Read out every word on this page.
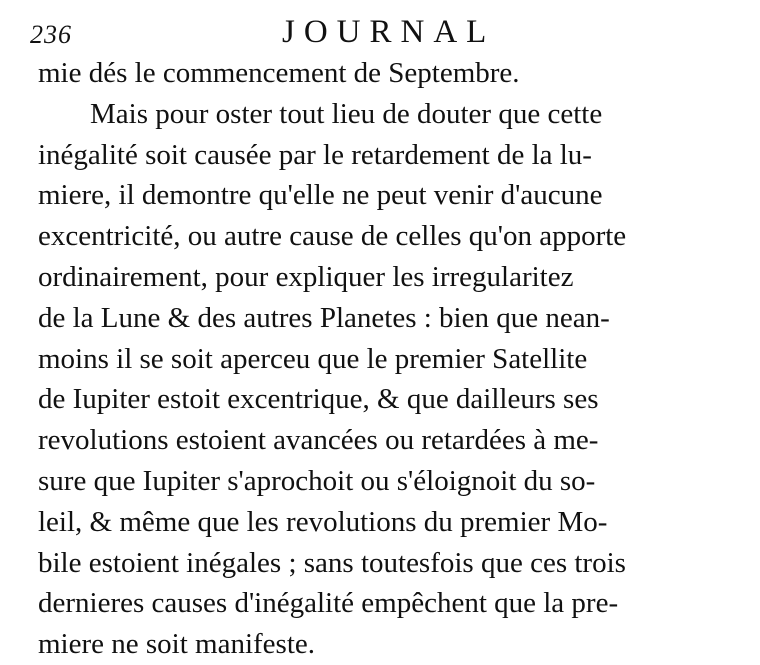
236	JOURNAL
mie dés le commencement de Septembre.
Mais pour oster tout lieu de douter que cette
inégalité soit causée par le retardement de la lu-
miere, il demontre qu'elle ne peut venir d'aucune
excentricité, ou autre cause de celles qu'on apporte
ordinairement, pour expliquer les irregularitez
de la Lune & des autres Planetes : bien que nean-
moins il se soit aperceu que le premier Satellite
de Iupiter estoit excentrique, & que dailleurs ses
revolutions estoient avancées ou retardées à me-
sure que Iupiter s'aprochoit ou s'éloignoit du so-
leil, & même que les revolutions du premier Mo-
bile estoient inégales ; sans toutesfois que ces trois
dernieres causes d'inégalité empêchent que la pre-
miere ne soit manifeste.
